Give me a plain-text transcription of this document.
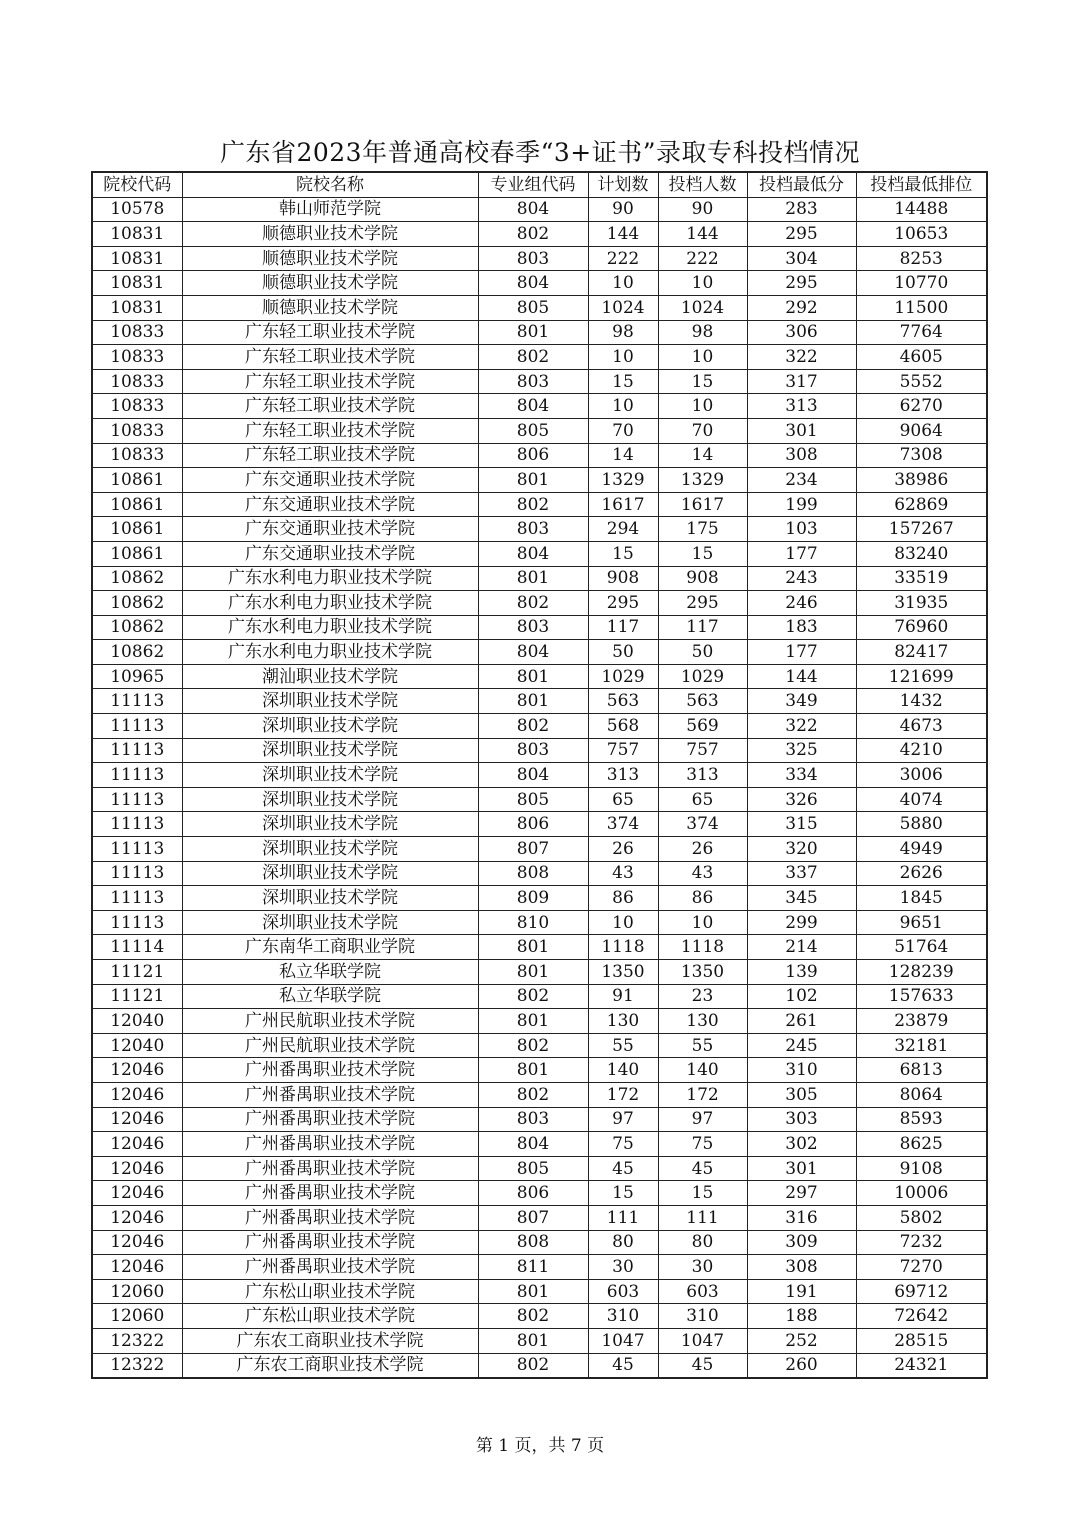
广东省2023年普通高校春季“3+证书”录取专科投档情况
院校代码	院校名称	专业组代码	计划数	投档人数	投档最低分	投档最低排位
10578	韩山师范学院	804	90	90	283	14488
10831	顺德职业技术学院	802	144	144	295	10653
10831	顺德职业技术学院	803	222	222	304	8253
10831	顺德职业技术学院	804	10	10	295	10770
10831	顺德职业技术学院	805	1024	1024	292	11500
10833	广东轻工职业技术学院	801	98	98	306	7764
10833	广东轻工职业技术学院	802	10	10	322	4605
10833	广东轻工职业技术学院	803	15	15	317	5552
10833	广东轻工职业技术学院	804	10	10	313	6270
10833	广东轻工职业技术学院	805	70	70	301	9064
10833	广东轻工职业技术学院	806	14	14	308	7308
10861	广东交通职业技术学院	801	1329	1329	234	38986
10861	广东交通职业技术学院	802	1617	1617	199	62869
10861	广东交通职业技术学院	803	294	175	103	157267
10861	广东交通职业技术学院	804	15	15	177	83240
10862	广东水利电力职业技术学院	801	908	908	243	33519
10862	广东水利电力职业技术学院	802	295	295	246	31935
10862	广东水利电力职业技术学院	803	117	117	183	76960
10862	广东水利电力职业技术学院	804	50	50	177	82417
10965	潮汕职业技术学院	801	1029	1029	144	121699
11113	深圳职业技术学院	801	563	563	349	1432
11113	深圳职业技术学院	802	568	569	322	4673
11113	深圳职业技术学院	803	757	757	325	4210
11113	深圳职业技术学院	804	313	313	334	3006
11113	深圳职业技术学院	805	65	65	326	4074
11113	深圳职业技术学院	806	374	374	315	5880
11113	深圳职业技术学院	807	26	26	320	4949
11113	深圳职业技术学院	808	43	43	337	2626
11113	深圳职业技术学院	809	86	86	345	1845
11113	深圳职业技术学院	810	10	10	299	9651
11114	广东南华工商职业学院	801	1118	1118	214	51764
11121	私立华联学院	801	1350	1350	139	128239
11121	私立华联学院	802	91	23	102	157633
12040	广州民航职业技术学院	801	130	130	261	23879
12040	广州民航职业技术学院	802	55	55	245	32181
12046	广州番禺职业技术学院	801	140	140	310	6813
12046	广州番禺职业技术学院	802	172	172	305	8064
12046	广州番禺职业技术学院	803	97	97	303	8593
12046	广州番禺职业技术学院	804	75	75	302	8625
12046	广州番禺职业技术学院	805	45	45	301	9108
12046	广州番禺职业技术学院	806	15	15	297	10006
12046	广州番禺职业技术学院	807	111	111	316	5802
12046	广州番禺职业技术学院	808	80	80	309	7232
12046	广州番禺职业技术学院	811	30	30	308	7270
12060	广东松山职业技术学院	801	603	603	191	69712
12060	广东松山职业技术学院	802	310	310	188	72642
12322	广东农工商职业技术学院	801	1047	1047	252	28515
12322	广东农工商职业技术学院	802	45	45	260	24321
第 1 页，共 7 页
